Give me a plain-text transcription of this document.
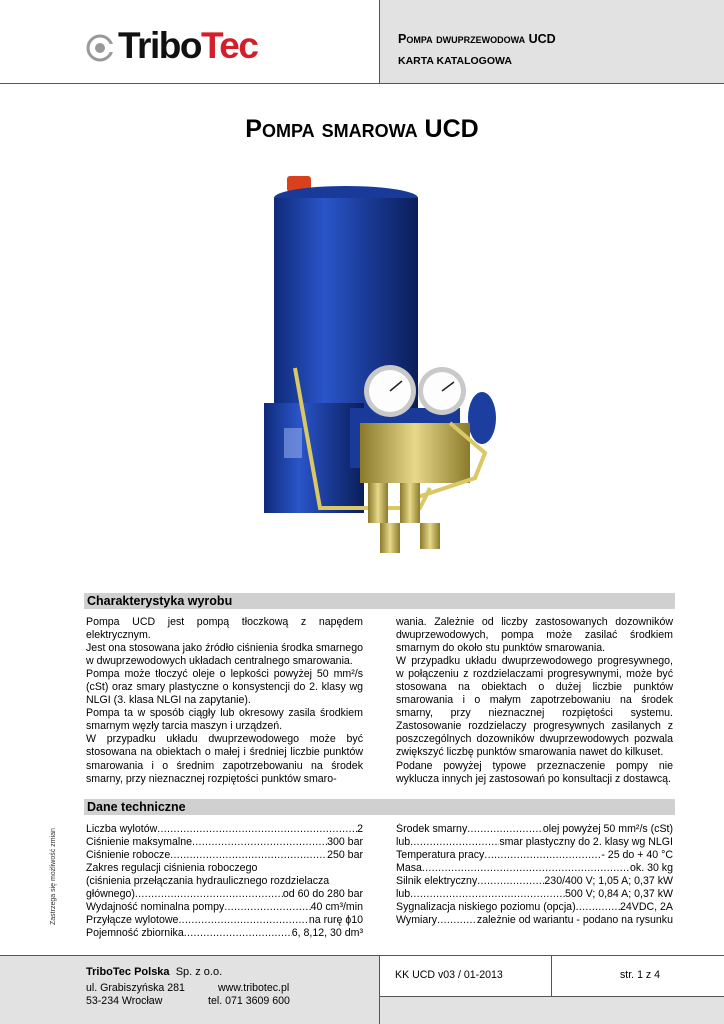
TriboTec	Pompa dwuprzewodowa UCD
KARTA KATALOGOWA
Pompa smarowa UCD
Charakterystyka wyrobu

Pompa UCD jest pompą tłoczkową z napędem elektrycznym.

Jest ona stosowana jako źródło ciśnienia środka smarnego w dwuprzewodowych układach centralnego smarowania.

Pompa może tłoczyć oleje o lepkości powyżej 50 mm²/s (cSt) oraz smary plastyczne o konsystencji do 2. klasy wg NLGI (3. klasa NLGI na zapytanie).

Pompa ta w sposób ciągły lub okresowy zasila środkiem smarnym węzły tarcia maszyn i urządzeń.

W przypadku układu dwuprzewodowego może być stosowana na obiektach o małej i średniej liczbie punktów smarowania i o średnim zapotrzebowaniu na środek smarny, przy nieznacznej rozpiętości punktów smaro-

wania. Zależnie od liczby zastosowanych dozowników dwuprzewodowych, pompa może zasilać środkiem smarnym do około stu punktów smarowania.

W przypadku układu dwuprzewodowego progresywnego, w połączeniu z rozdzielaczami progresywnymi, może być stosowana na obiektach o dużej liczbie punktów smarowania i o małym zapotrzebowaniu na środek smarny, przy nieznacznej rozpiętości systemu. Zastosowanie rozdzielaczy progresywnych zasilanych z poszczególnych dozowników dwuprzewodowych pozwala zwiększyć liczbę punktów smarowania nawet do kilkuset.

Podane powyżej typowe przeznaczenie pompy nie wyklucza innych jej zastosowań po konsultacji z dostawcą.

Dane techniczne
Liczba wylotów .....	2
Ciśnienie maksymalne .....	300 bar
Ciśnienie robocze .....	250 bar
Zakres regulacji ciśnienia roboczego
(ciśnienia przełączania hydraulicznego rozdzielacza
głównego) .....	od 60 do 280 bar
Wydajność nominalna pompy .....	40 cm³/min
Przyłącze wylotowe .....	na rurę ɸ10
Pojemność zbiornika .....	6, 8,12, 30 dm³
Środek smarny .....	olej powyżej 50 mm²/s (cSt)
lub .....	smar plastyczny do 2. klasy wg NLGI
Temperatura pracy .....	- 25 do + 40 °C
Masa .....	ok. 30 kg
Silnik elektryczny .....	230/400 V; 1,05 A; 0,37 kW
lub .....	500 V; 0,84 A; 0,37 kW
Sygnalizacja niskiego poziomu (opcja) .....	24VDC, 2A
Wymiary .....	zależnie od wariantu - podano na rysunku
Zastrzega się możliwość zmian
TriboTec Polska Sp. z o.o.
ul. Grabiszyńska 281	www.tribotec.pl
53-234 Wrocław	tel. 071 3609 600
KK UCD v03 / 01-2013	str. 1 z 4
